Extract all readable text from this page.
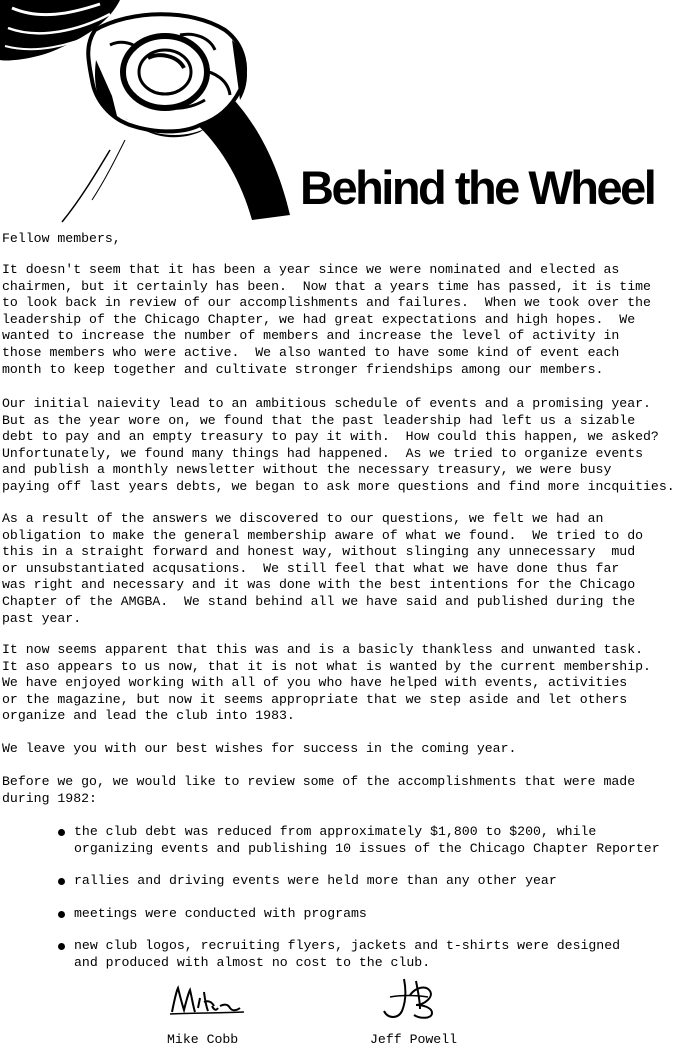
Behind the Wheel
Fellow members,

It doesn't seem that it has been a year since we were nominated and elected as
chairmen, but it certainly has been.  Now that a years time has passed, it is time
to look back in review of our accomplishments and failures.  When we took over the
leadership of the Chicago Chapter, we had great expectations and high hopes.  We
wanted to increase the number of members and increase the level of activity in
those members who were active.  We also wanted to have some kind of event each
month to keep together and cultivate stronger friendships among our members.

Our initial naievity lead to an ambitious schedule of events and a promising year.
But as the year wore on, we found that the past leadership had left us a sizable
debt to pay and an empty treasury to pay it with.  How could this happen, we asked?
Unfortunately, we found many things had happened.  As we tried to organize events
and publish a monthly newsletter without the necessary treasury, we were busy
paying off last years debts, we began to ask more questions and find more incquities.

As a result of the answers we discovered to our questions, we felt we had an
obligation to make the general membership aware of what we found.  We tried to do
this in a straight forward and honest way, without slinging any unnecessary  mud
or unsubstantiated acqusations.  We still feel that what we have done thus far
was right and necessary and it was done with the best intentions for the Chicago
Chapter of the AMGBA.  We stand behind all we have said and published during the
past year.

It now seems apparent that this was and is a basicly thankless and unwanted task.
It aso appears to us now, that it is not what is wanted by the current membership.
We have enjoyed working with all of you who have helped with events, activities
or the magazine, but now it seems appropriate that we step aside and let others
organize and lead the club into 1983.

We leave you with our best wishes for success in the coming year.

Before we go, we would like to review some of the accomplishments that were made
during 1982:

the club debt was reduced from approximately $1,800 to $200, while
organizing events and publishing 10 issues of the Chicago Chapter Reporter

rallies and driving events were held more than any other year

meetings were conducted with programs

new club logos, recruiting flyers, jackets and t-shirts were designed
and produced with almost no cost to the club.

Mike Cobb	Jeff Powell
